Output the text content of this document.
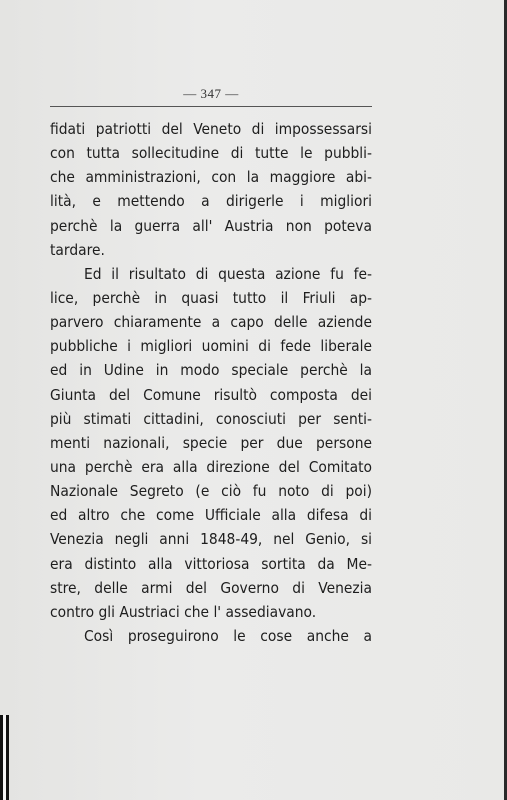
— 347 —
fidati patriotti del Veneto di impossessarsi
con tutta sollecitudine di tutte le pubbli-
che amministrazioni, con la maggiore abi-
lità, e mettendo a dirigerle i migliori
perchè la guerra all' Austria non poteva
tardare.
Ed il risultato di questa azione fu fe-
lice, perchè in quasi tutto il Friuli ap-
parvero chiaramente a capo delle aziende
pubbliche i migliori uomini di fede liberale
ed in Udine in modo speciale perchè la
Giunta del Comune risultò composta dei
più stimati cittadini, conosciuti per senti-
menti nazionali, specie per due persone
una perchè era alla direzione del Comitato
Nazionale Segreto (e ciò fu noto di poi)
ed altro che come Ufficiale alla difesa di
Venezia negli anni 1848-49, nel Genio, si
era distinto alla vittoriosa sortita da Me-
stre, delle armi del Governo di Venezia
contro gli Austriaci che l' assediavano.
Così proseguirono le cose anche a
